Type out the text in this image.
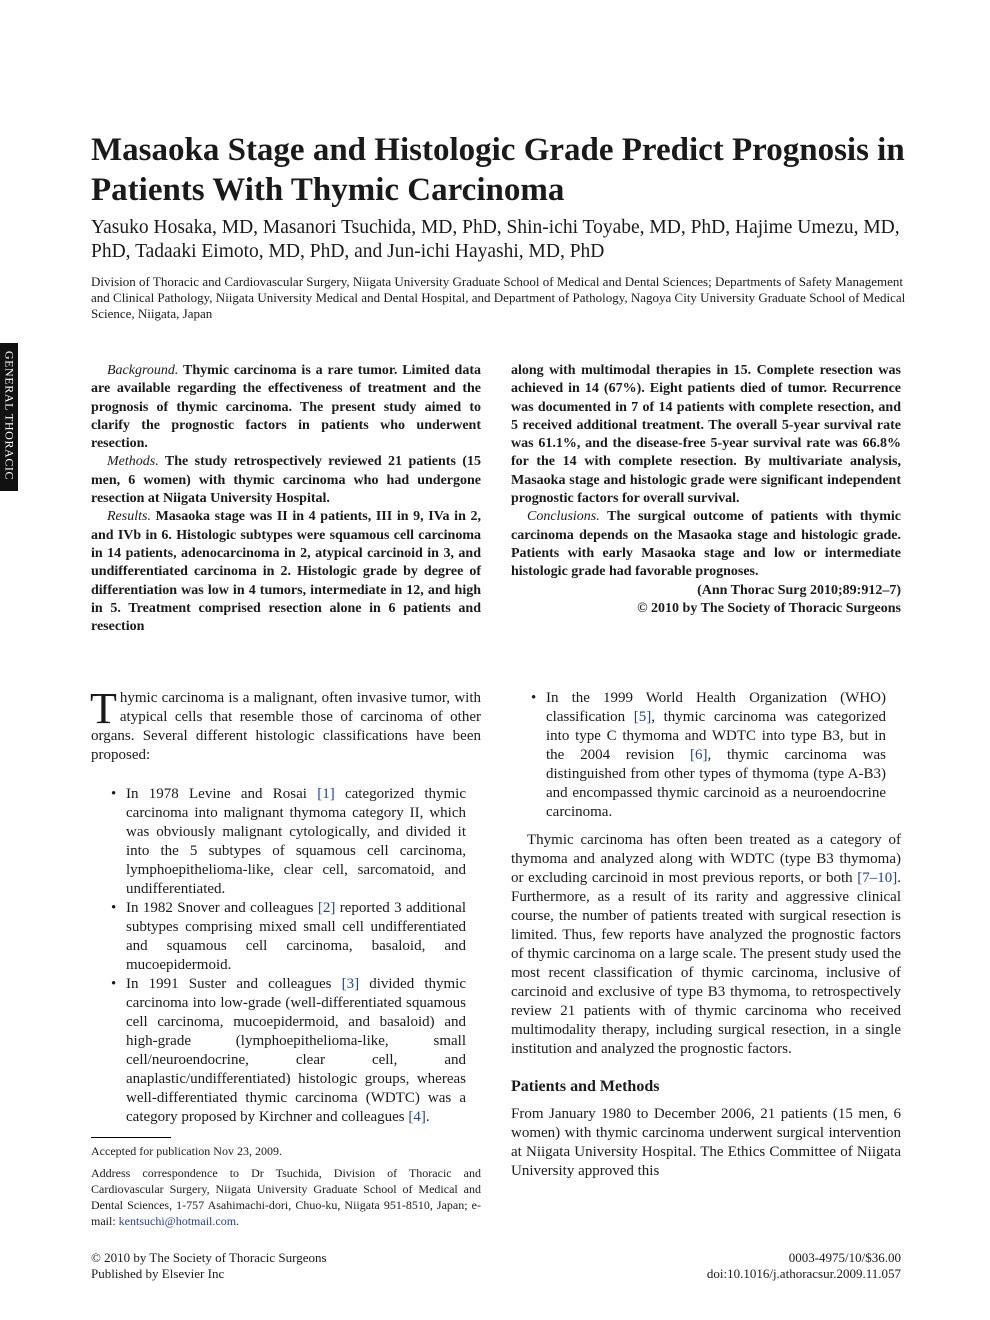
Masaoka Stage and Histologic Grade Predict Prognosis in Patients With Thymic Carcinoma
Yasuko Hosaka, MD, Masanori Tsuchida, MD, PhD, Shin-ichi Toyabe, MD, PhD, Hajime Umezu, MD, PhD, Tadaaki Eimoto, MD, PhD, and Jun-ichi Hayashi, MD, PhD
Division of Thoracic and Cardiovascular Surgery, Niigata University Graduate School of Medical and Dental Sciences; Departments of Safety Management and Clinical Pathology, Niigata University Medical and Dental Hospital, and Department of Pathology, Nagoya City University Graduate School of Medical Science, Niigata, Japan
GENERAL THORACIC	Background. Thymic carcinoma is a rare tumor. Limited data are available regarding the effectiveness of treatment and the prognosis of thymic carcinoma. The present study aimed to clarify the prognostic factors in patients who underwent resection.

Methods. The study retrospectively reviewed 21 patients (15 men, 6 women) with thymic carcinoma who had undergone resection at Niigata University Hospital.

Results. Masaoka stage was II in 4 patients, III in 9, IVa in 2, and IVb in 6. Histologic subtypes were squamous cell carcinoma in 14 patients, adenocarcinoma in 2, atypical carcinoid in 3, and undifferentiated carcinoma in 2. Histologic grade by degree of differentiation was low in 4 tumors, intermediate in 12, and high in 5. Treatment comprised resection alone in 6 patients and resection

along with multimodal therapies in 15. Complete resection was achieved in 14 (67%). Eight patients died of tumor. Recurrence was documented in 7 of 14 patients with complete resection, and 5 received additional treatment. The overall 5-year survival rate was 61.1%, and the disease-free 5-year survival rate was 66.8% for the 14 with complete resection. By multivariate analysis, Masaoka stage and histologic grade were significant independent prognostic factors for overall survival.

Conclusions. The surgical outcome of patients with thymic carcinoma depends on the Masaoka stage and histologic grade. Patients with early Masaoka stage and low or intermediate histologic grade had favorable prognoses.

(Ann Thorac Surg 2010;89:912–7)
© 2010 by The Society of Thoracic Surgeons

Thymic carcinoma is a malignant, often invasive tumor, with atypical cells that resemble those of carcinoma of other organs. Several different histologic classifications have been proposed:

• In 1978 Levine and Rosai [1] categorized thymic carcinoma into malignant thymoma category II, which was obviously malignant cytologically, and divided it into the 5 subtypes of squamous cell carcinoma, lymphoepithelioma-like, clear cell, sarcomatoid, and undifferentiated.
• In 1982 Snover and colleagues [2] reported 3 additional subtypes comprising mixed small cell undifferentiated and squamous cell carcinoma, basaloid, and mucoepidermoid.
• In 1991 Suster and colleagues [3] divided thymic carcinoma into low-grade (well-differentiated squamous cell carcinoma, mucoepidermoid, and basaloid) and high-grade (lymphoepithelioma-like, small cell/neuroendocrine, clear cell, and anaplastic/undifferentiated) histologic groups, whereas well-differentiated thymic carcinoma (WDTC) was a category proposed by Kirchner and colleagues [4].
• In the 1999 World Health Organization (WHO) classification [5], thymic carcinoma was categorized into type C thymoma and WDTC into type B3, but in the 2004 revision [6], thymic carcinoma was distinguished from other types of thymoma (type A-B3) and encompassed thymic carcinoid as a neuroendocrine carcinoma.

Thymic carcinoma has often been treated as a category of thymoma and analyzed along with WDTC (type B3 thymoma) or excluding carcinoid in most previous reports, or both [7–10]. Furthermore, as a result of its rarity and aggressive clinical course, the number of patients treated with surgical resection is limited. Thus, few reports have analyzed the prognostic factors of thymic carcinoma on a large scale. The present study used the most recent classification of thymic carcinoma, inclusive of carcinoid and exclusive of type B3 thymoma, to retrospectively review 21 patients with of thymic carcinoma who received multimodality therapy, including surgical resection, in a single institution and analyzed the prognostic factors.

Patients and Methods

From January 1980 to December 2006, 21 patients (15 men, 6 women) with thymic carcinoma underwent surgical intervention at Niigata University Hospital. The Ethics Committee of Niigata University approved this

Accepted for publication Nov 23, 2009.

Address correspondence to Dr Tsuchida, Division of Thoracic and Cardiovascular Surgery, Niigata University Graduate School of Medical and Dental Sciences, 1-757 Asahimachi-dori, Chuo-ku, Niigata 951-8510, Japan; e-mail: kentsuchi@hotmail.com.

© 2010 by The Society of Thoracic Surgeons
Published by Elsevier Inc
0003-4975/10/$36.00
doi:10.1016/j.athoracsur.2009.11.057
